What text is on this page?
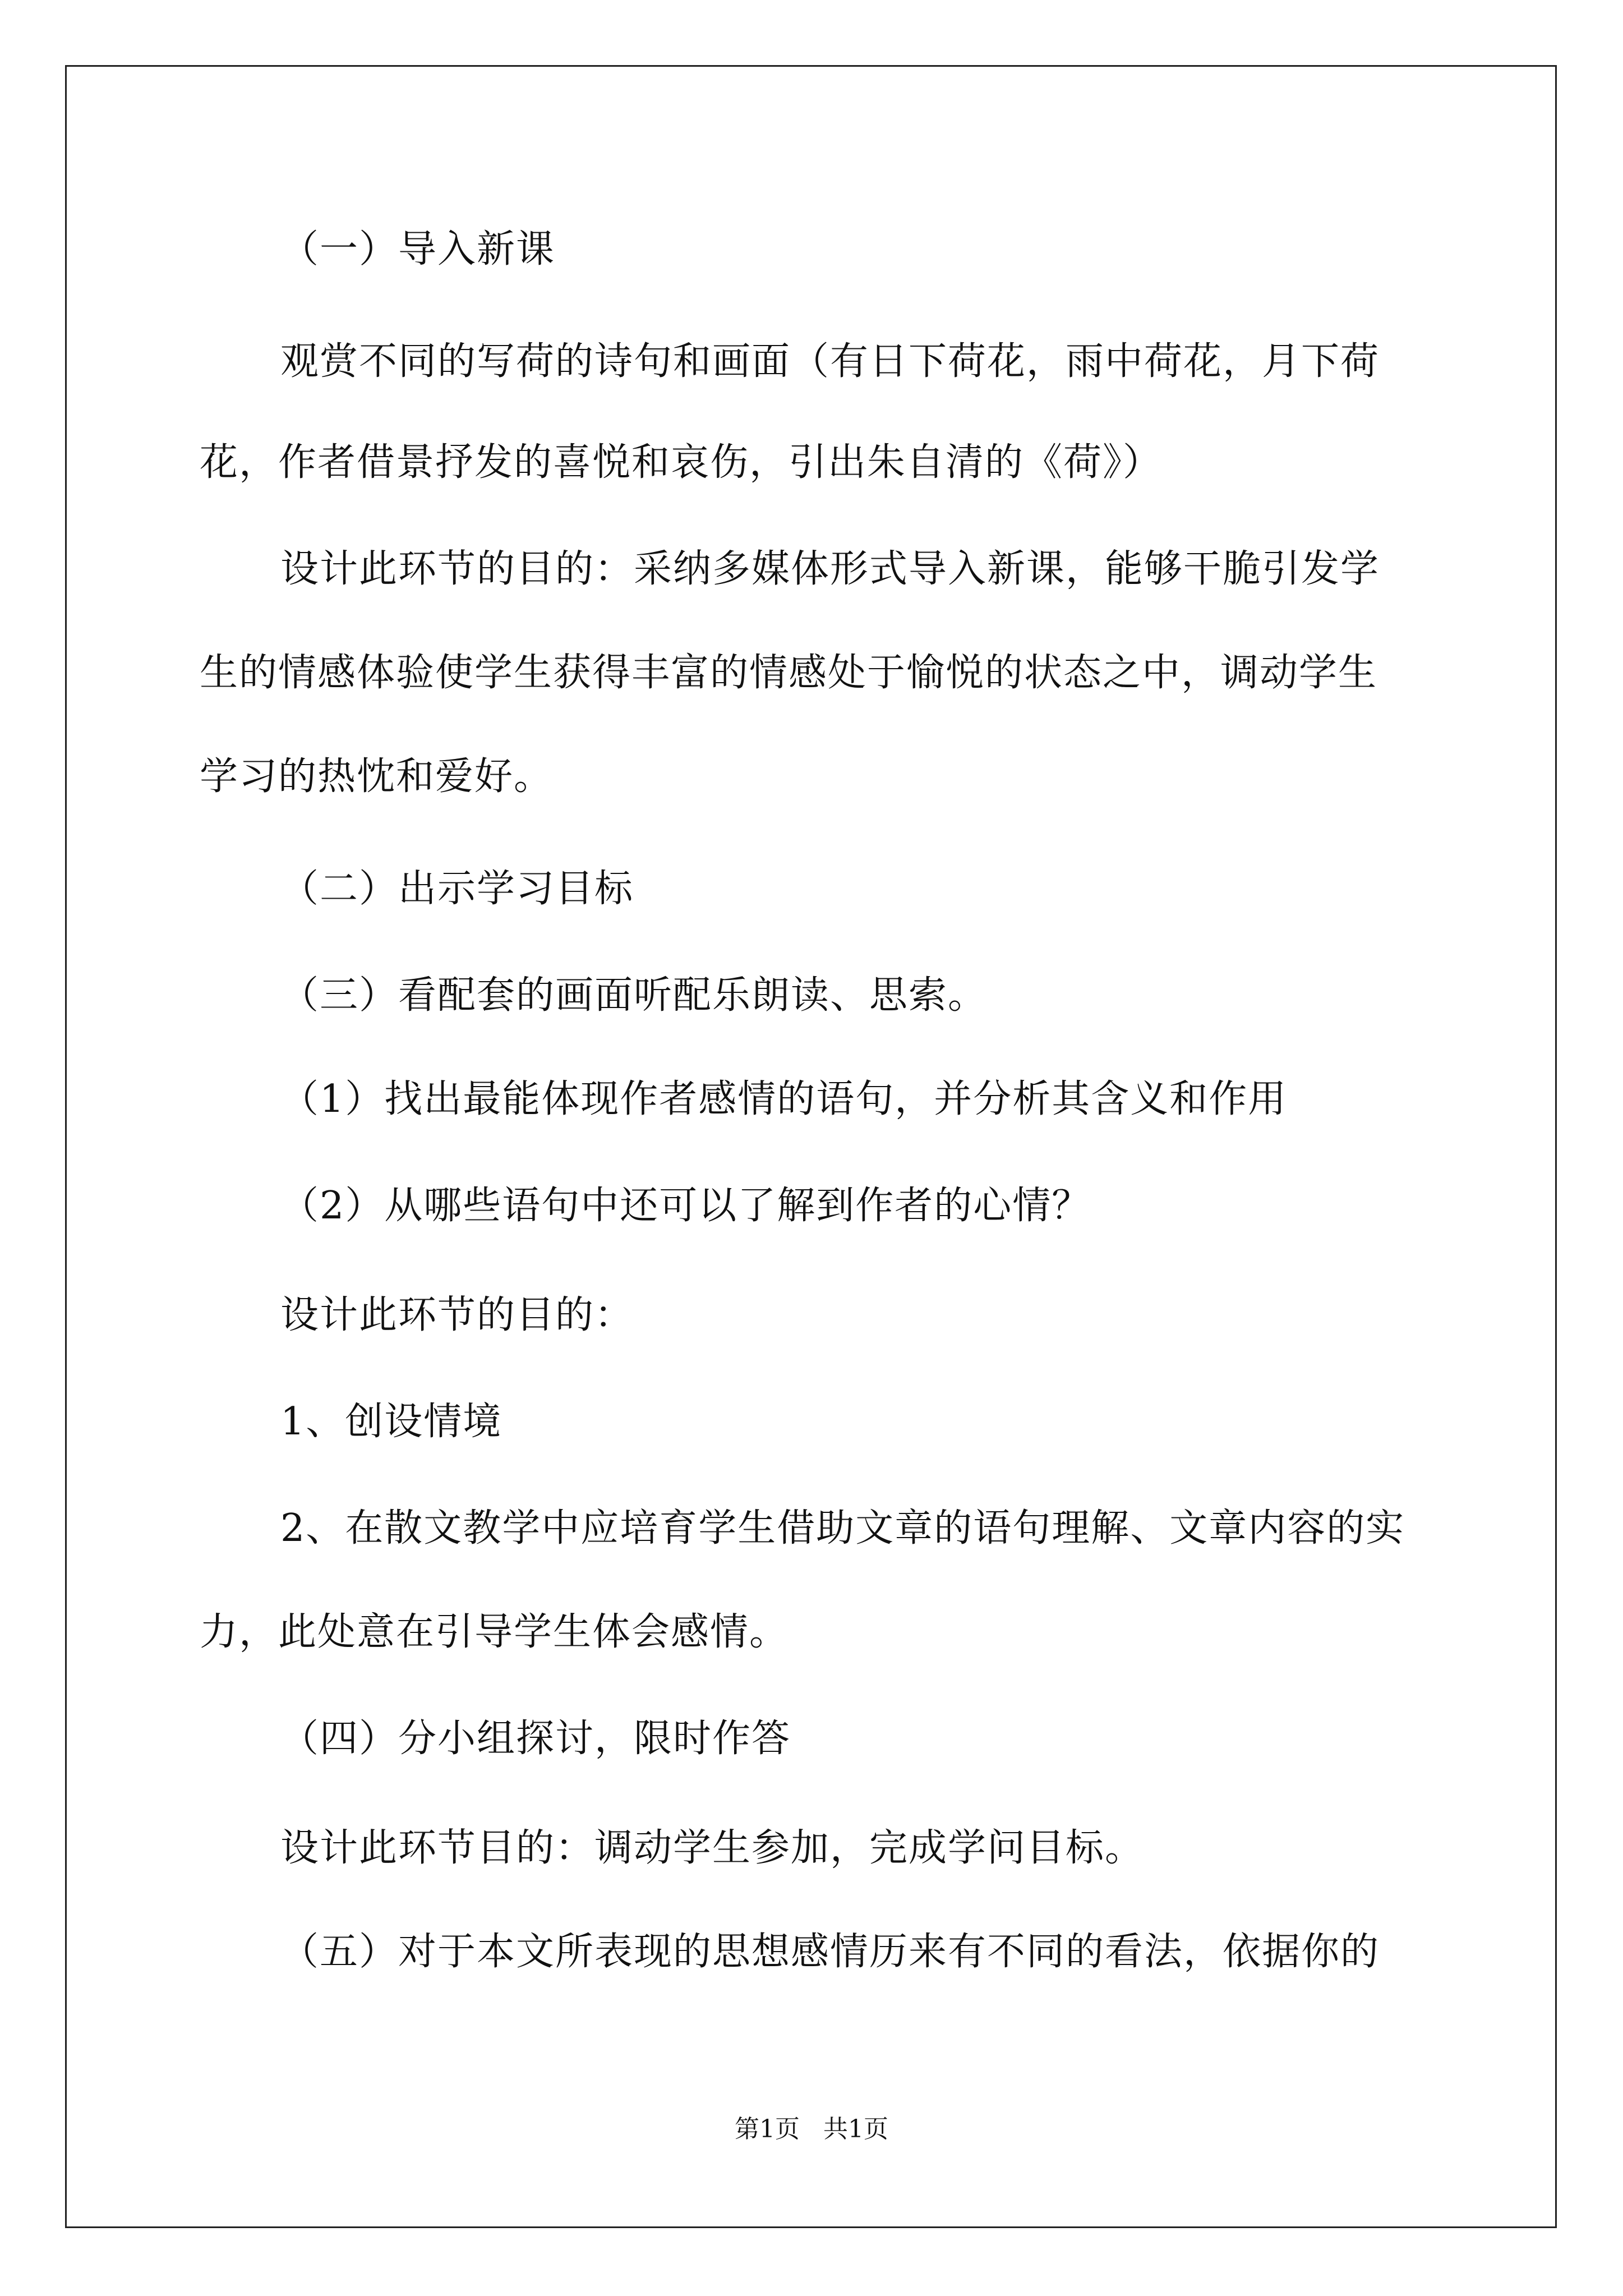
（一）导入新课
观赏不同的写荷的诗句和画面（有日下荷花，雨中荷花，月下荷
花，作者借景抒发的喜悦和哀伤，引出朱自清的《荷》）
设计此环节的目的：采纳多媒体形式导入新课，能够干脆引发学
生的情感体验使学生获得丰富的情感处于愉悦的状态之中，调动学生
学习的热忱和爱好。
（二）出示学习目标
（三）看配套的画面听配乐朗读、思索。
（1）找出最能体现作者感情的语句，并分析其含义和作用
（2）从哪些语句中还可以了解到作者的心情？
设计此环节的目的：
1、创设情境
2、在散文教学中应培育学生借助文章的语句理解、文章内容的实
力，此处意在引导学生体会感情。
（四）分小组探讨，限时作答
设计此环节目的：调动学生参加，完成学问目标。
（五）对于本文所表现的思想感情历来有不同的看法，依据你的
第1页   共1页
